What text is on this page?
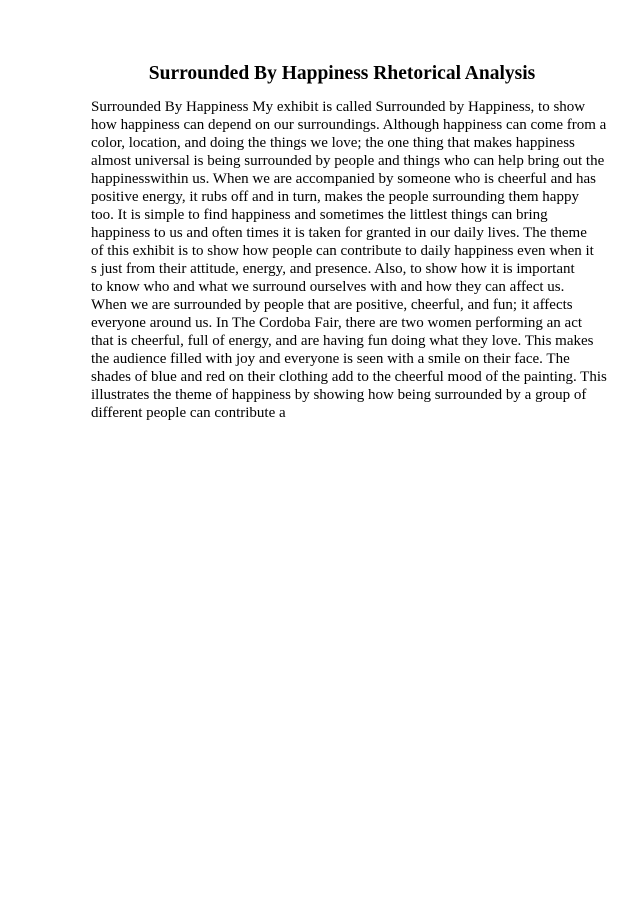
Surrounded By Happiness Rhetorical Analysis
Surrounded By Happiness My exhibit is called Surrounded by Happiness, to show
how happiness can depend on our surroundings. Although happiness can come from a
color, location, and doing the things we love; the one thing that makes happiness
almost universal is being surrounded by people and things who can help bring out the
happinesswithin us. When we are accompanied by someone who is cheerful and has
positive energy, it rubs off and in turn, makes the people surrounding them happy
too. It is simple to find happiness and sometimes the littlest things can bring
happiness to us and often times it is taken for granted in our daily lives. The theme
of this exhibit is to show how people can contribute to daily happiness even when it
s just from their attitude, energy, and presence. Also, to show how it is important
to know who and what we surround ourselves with and how they can affect us.
When we are surrounded by people that are positive, cheerful, and fun; it affects
everyone around us. In The Cordoba Fair, there are two women performing an act
that is cheerful, full of energy, and are having fun doing what they love. This makes
the audience filled with joy and everyone is seen with a smile on their face. The
shades of blue and red on their clothing add to the cheerful mood of the painting. This
illustrates the theme of happiness by showing how being surrounded by a group of
different people can contribute a
